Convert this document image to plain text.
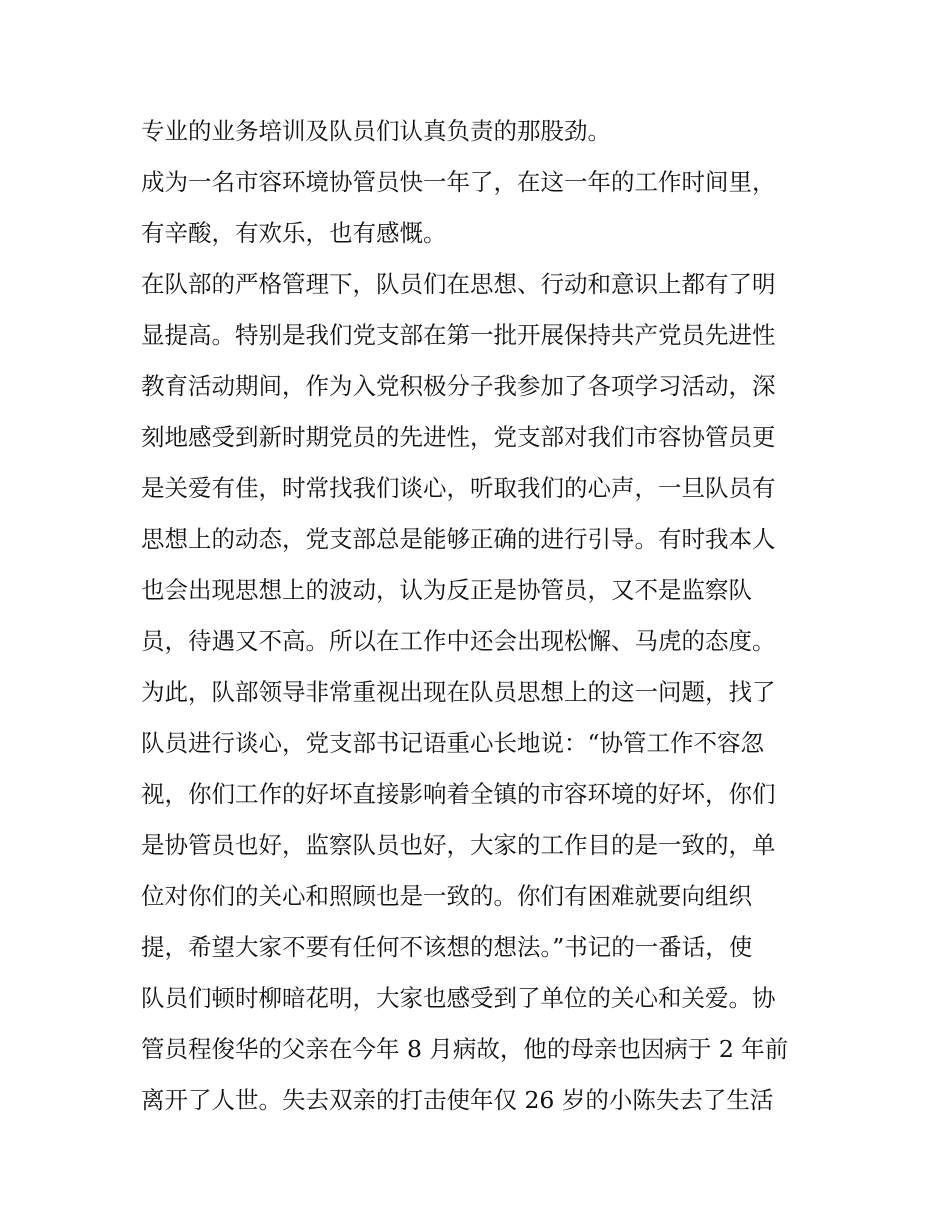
专业的业务培训及队员们认真负责的那股劲。
成为一名市容环境协管员快一年了，在这一年的工作时间里，
有辛酸，有欢乐，也有感慨。
在队部的严格管理下，队员们在思想、行动和意识上都有了明
显提高。特别是我们党支部在第一批开展保持共产党员先进性
教育活动期间，作为入党积极分子我参加了各项学习活动，深
刻地感受到新时期党员的先进性，党支部对我们市容协管员更
是关爱有佳，时常找我们谈心，听取我们的心声，一旦队员有
思想上的动态，党支部总是能够正确的进行引导。有时我本人
也会出现思想上的波动，认为反正是协管员，又不是监察队
员，待遇又不高。所以在工作中还会出现松懈、马虎的态度。
为此，队部领导非常重视出现在队员思想上的这一问题，找了
队员进行谈心，党支部书记语重心长地说：“协管工作不容忽
视，你们工作的好坏直接影响着全镇的市容环境的好坏，你们
是协管员也好，监察队员也好，大家的工作目的是一致的，单
位对你们的关心和照顾也是一致的。你们有困难就要向组织
提，希望大家不要有任何不该想的想法。”书记的一番话，使
队员们顿时柳暗花明，大家也感受到了单位的关心和关爱。协
管员程俊华的父亲在今年 8 月病故，他的母亲也因病于 2 年前
离开了人世。失去双亲的打击使年仅 26 岁的小陈失去了生活
